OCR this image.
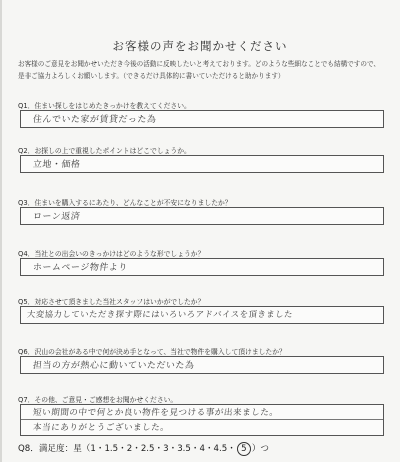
お客様の声をお聞かせください
お客様のご意見をお聞かせいただき今後の活動に反映したいと考えております。どのような些細なことでも結構ですので、是非ご協力よろしくお願いします。（できるだけ具体的に書いていただけると助かります）
Q1．住まい探しをはじめたきっかけを教えてください。
住んでいた家が賃貸だった為
Q2．お探しの上で重視したポイントはどこでしょうか。
立地・価格
Q3．住まいを購入するにあたり、どんなことが不安になりましたか？
ローン返済
Q4．当社との出会いのきっかけはどのような形でしょうか？
ホームページ物件より
Q5．対応させて頂きました当社スタッフはいかがでしたか？
大変協力していただき探す際にはいろいろアドバイスを頂きました
Q6．沢山の会社がある中で何が決め手となって、当社で物件を購入して頂けましたか？
担当の方が熱心に動いていただいた為
Q7．その他、ご意見・ご感想をお聞かせください。
短い期間の中で何とか良い物件を見つける事が出来ました。
本当にありがとうございました。
Q8．満足度：星（1・1.5・2・2.5・3・3.5・4・4.5・ 5 ）つ
